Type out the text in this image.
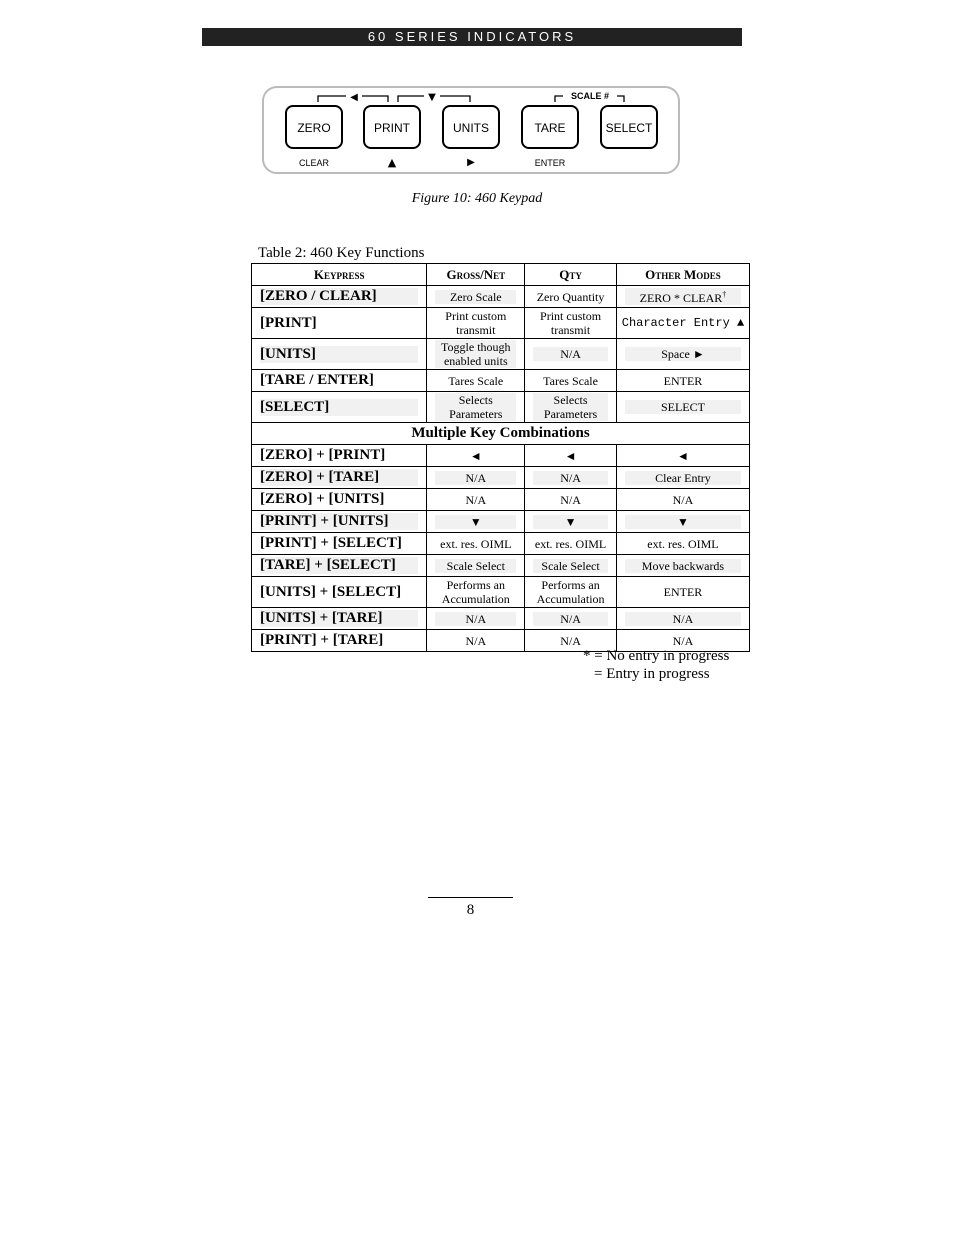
60 SERIES INDICATORS
◀	▼	SCALE #
ZERO
CLEAR
PRINT
▲
UNITS
▶
TARE
ENTER
SELECT
Figure 10: 460 Keypad
Table 2: 460 Key Functions
Keypress	Gross/Net	Qty	Other Modes

[ZERO / CLEAR]	Zero Scale	Zero Quantity	ZERO * CLEAR†

[PRINT]	Print custom transmit	Print custom transmit	Character Entry ▲

[UNITS]	Toggle though enabled units	N/A	Space ►

[TARE / ENTER]	Tares Scale	Tares Scale	ENTER

[SELECT]	Selects Parameters	Selects Parameters	SELECT

Multiple Key Combinations			

[ZERO] + [PRINT]	◄	◄	◄

[ZERO] + [TARE]	N/A	N/A	Clear Entry

[ZERO] + [UNITS]	N/A	N/A	N/A

[PRINT] + [UNITS]	▼	▼	▼

[PRINT] + [SELECT]	ext. res. OIML	ext. res. OIML	ext. res. OIML

[TARE] + [SELECT]	Scale Select	Scale Select	Move backwards

[UNITS] + [SELECT]	Performs an Accumulation	Performs an Accumulation	ENTER

[UNITS] + [TARE]	N/A	N/A	N/A

[PRINT] + [TARE]	N/A	N/A	N/A
* = No entry in progress
= Entry in progress
8
